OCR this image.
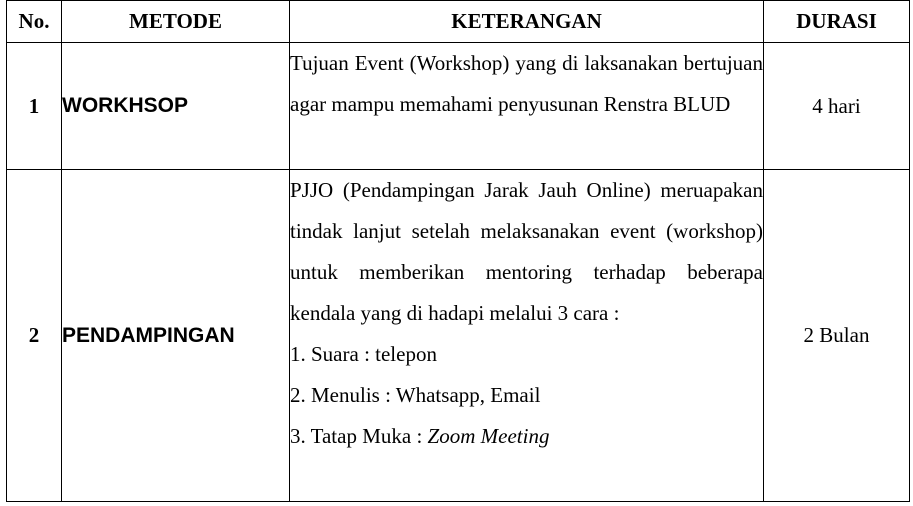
No.	METODE	KETERANGAN	DURASI
1	WORKHSOP	Tujuan Event (Workshop) yang di laksanakan bertujuan agar mampu memahami penyusunan Renstra BLUD	4 hari
2	PENDAMPINGAN	PJJO (Pendampingan Jarak Jauh Online) meruapakan tindak lanjut setelah melaksanakan event (workshop) untuk memberikan mentoring terhadap beberapa kendala yang di hadapi melalui 3 cara :

1. Suara : telepon

2. Menulis : Whatsapp, Email

3. Tatap Muka : Zoom Meeting	2 Bulan
